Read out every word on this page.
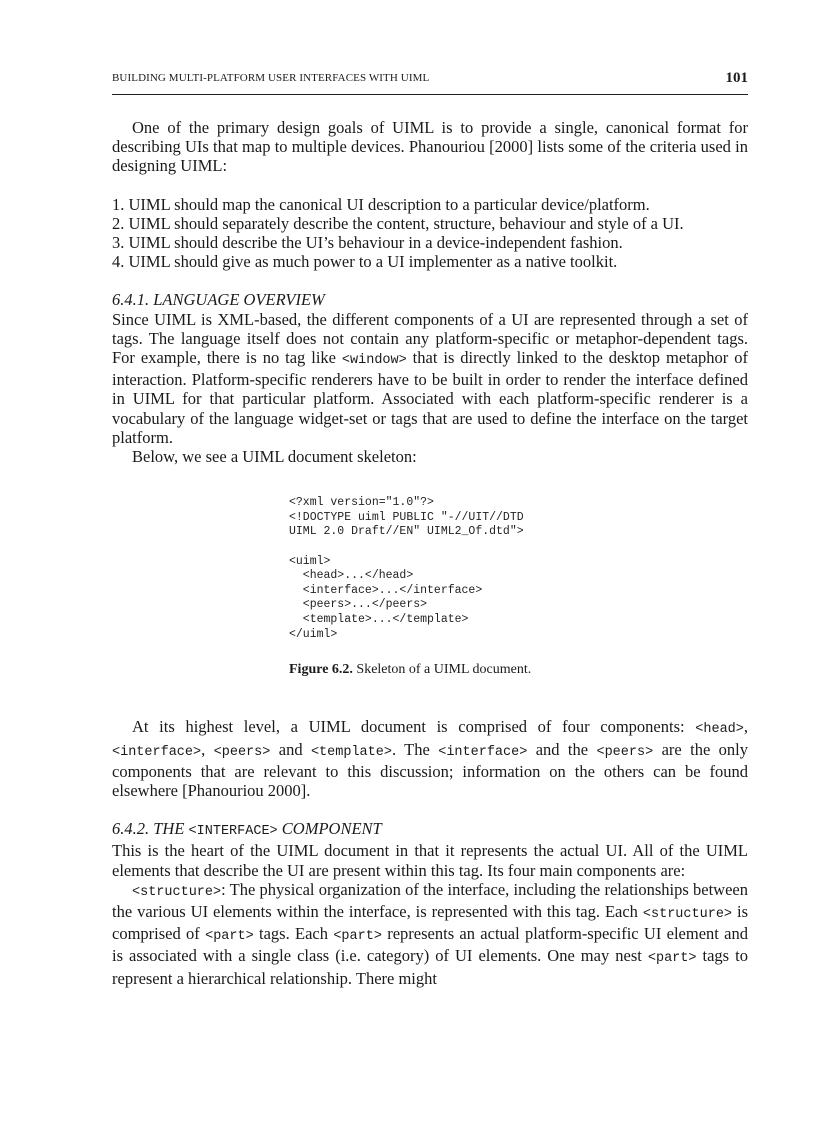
BUILDING MULTI-PLATFORM USER INTERFACES WITH UIML	101

One of the primary design goals of UIML is to provide a single, canonical format for describing UIs that map to multiple devices. Phanouriou [2000] lists some of the criteria used in designing UIML:

1. UIML should map the canonical UI description to a particular device/platform.
2. UIML should separately describe the content, structure, behaviour and style of a UI.
3. UIML should describe the UI’s behaviour in a device-independent fashion.
4. UIML should give as much power to a UI implementer as a native toolkit.
6.4.1. LANGUAGE OVERVIEW

Since UIML is XML-based, the different components of a UI are represented through a set of tags. The language itself does not contain any platform-specific or metaphor-dependent tags. For example, there is no tag like <window> that is directly linked to the desktop metaphor of interaction. Platform-specific renderers have to be built in order to render the interface defined in UIML for that particular platform. Associated with each platform-specific renderer is a vocabulary of the language widget-set or tags that are used to define the interface on the target platform.

Below, we see a UIML document skeleton:

<?xml version="1.0"?>
<!DOCTYPE uiml PUBLIC "-//UIT//DTD
UIML 2.0 Draft//EN" UIML2_Of.dtd">

<uiml>
<head>...</head>
<interface>...</interface>
<peers>...</peers>
<template>...</template>
</uiml>
Figure 6.2. Skeleton of a UIML document.

At its highest level, a UIML document is comprised of four components: <head>, <interface>, <peers> and <template>. The <interface> and the <peers> are the only components that are relevant to this discussion; information on the others can be found elsewhere [Phanouriou 2000].

6.4.2. THE <INTERFACE> COMPONENT

This is the heart of the UIML document in that it represents the actual UI. All of the UIML elements that describe the UI are present within this tag. Its four main components are:

<structure>: The physical organization of the interface, including the relationships between the various UI elements within the interface, is represented with this tag. Each <structure> is comprised of <part> tags. Each <part> represents an actual platform-specific UI element and is associated with a single class (i.e. category) of UI elements. One may nest <part> tags to represent a hierarchical relationship. There might
